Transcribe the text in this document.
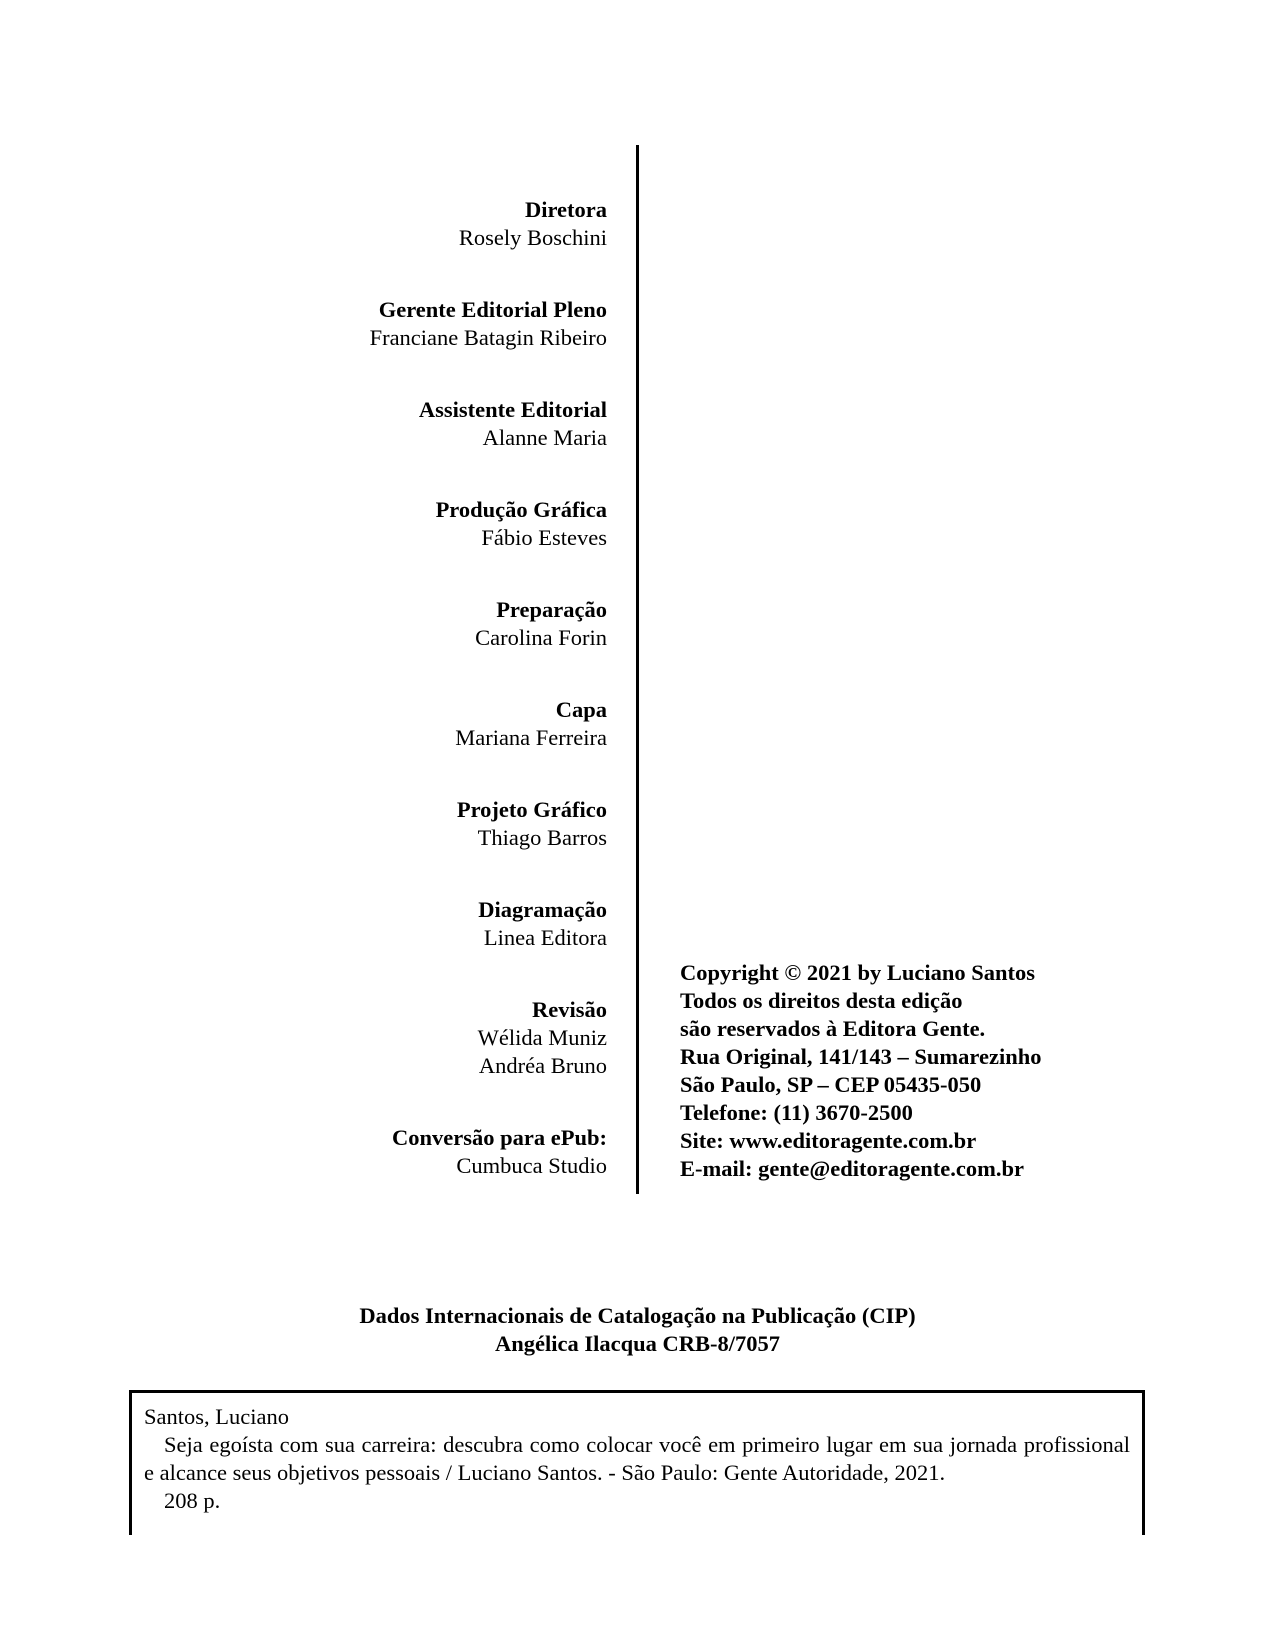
Diretora
Rosely Boschini
Gerente Editorial Pleno
Franciane Batagin Ribeiro
Assistente Editorial
Alanne Maria
Produção Gráfica
Fábio Esteves
Preparação
Carolina Forin
Capa
Mariana Ferreira
Projeto Gráfico
Thiago Barros
Diagramação
Linea Editora
Revisão
Wélida Muniz
Andréa Bruno
Conversão para ePub:
Cumbuca Studio
Copyright © 2021 by Luciano Santos
Todos os direitos desta edição
são reservados à Editora Gente.
Rua Original, 141/143 – Sumarezinho
São Paulo, SP – CEP 05435-050
Telefone: (11) 3670-2500
Site: www.editoragente.com.br
E-mail: gente@editoragente.com.br
Dados Internacionais de Catalogação na Publicação (CIP)
Angélica Ilacqua CRB-8/7057
Santos, Luciano
Seja egoísta com sua carreira: descubra como colocar você em primeiro lugar em sua jornada profissional e alcance seus objetivos pessoais / Luciano Santos. - São Paulo: Gente Autoridade, 2021.
208 p.
